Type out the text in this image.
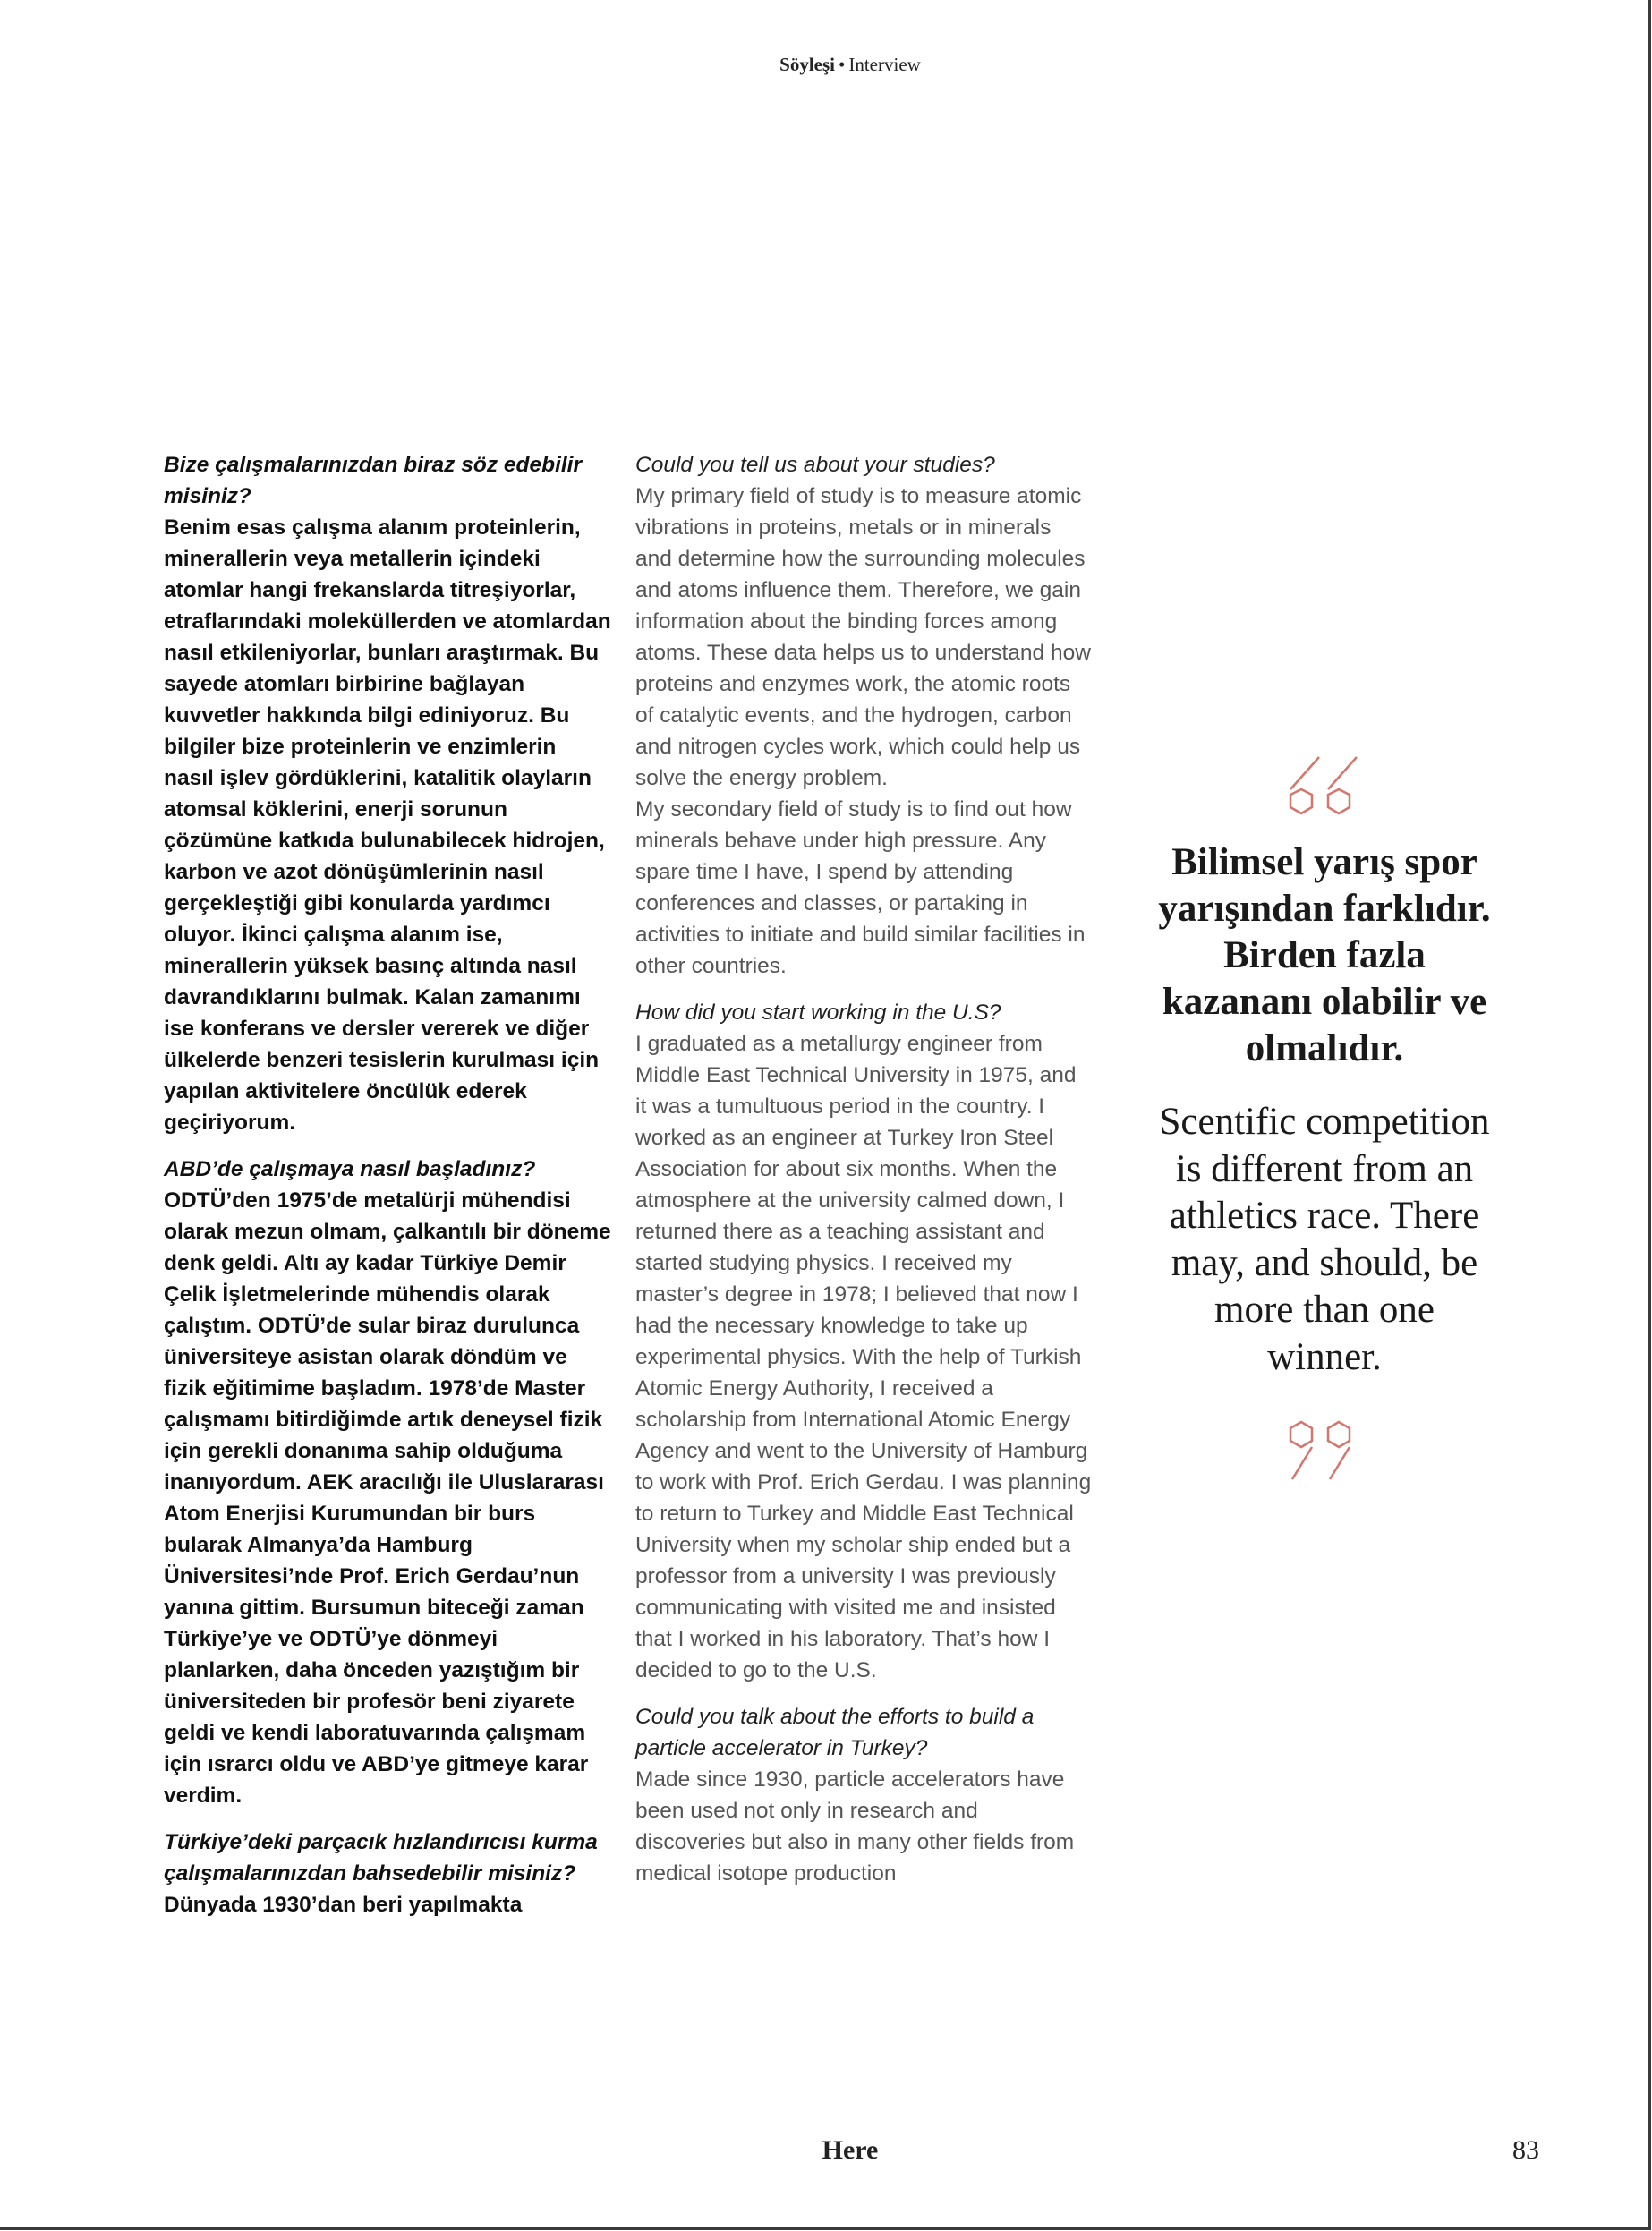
Söyleşi • Interview

Bize çalışmalarınızdan biraz söz edebilir misiniz?
Benim esas çalışma alanım proteinlerin, minerallerin veya metallerin içindeki atomlar hangi frekanslarda titreşiyorlar, etraflarındaki moleküllerden ve atomlardan nasıl etkileniyorlar, bunları araştırmak. Bu sayede atomları birbirine bağlayan kuvvetler hakkında bilgi ediniyoruz. Bu bilgiler bize proteinlerin ve enzimlerin nasıl işlev gördüklerini, katalitik olayların atomsal köklerini, enerji sorunun çözümüne katkıda bulunabilecek hidrojen, karbon ve azot dönüşümlerinin nasıl gerçekleştiği gibi konularda yardımcı oluyor. İkinci çalışma alanım ise, minerallerin yüksek basınç altında nasıl davrandıklarını bulmak. Kalan zamanımı ise konferans ve dersler vererek ve diğer ülkelerde benzeri tesislerin kurulması için yapılan aktivitelere öncülük ederek geçiriyorum.

ABD’de çalışmaya nasıl başladınız?
ODTÜ’den 1975’de metalürji mühendisi olarak mezun olmam, çalkantılı bir döneme denk geldi. Altı ay kadar Türkiye Demir Çelik İşletmelerinde mühendis olarak çalıştım. ODTÜ’de sular biraz durulunca üniversiteye asistan olarak döndüm ve fizik eğitimime başladım. 1978’de Master çalışmamı bitirdiğimde artık deneysel fizik için gerekli donanıma sahip olduğuma inanıyordum. AEK aracılığı ile Uluslararası Atom Enerjisi Kurumundan bir burs bularak Almanya’da Hamburg Üniversitesi’nde Prof. Erich Gerdau’nun yanına gittim. Bursumun biteceği zaman Türkiye’ye ve ODTÜ’ye dönmeyi planlarken, daha önceden yazıştığım bir üniversiteden bir profesör beni ziyarete geldi ve kendi laboratuvarında çalışmam için ısrarcı oldu ve ABD’ye gitmeye karar verdim.

Türkiye’deki parçacık hızlandırıcısı kurma çalışmalarınızdan bahsedebilir misiniz?
Dünyada 1930’dan beri yapılmakta

Could you tell us about your studies?
My primary field of study is to measure atomic vibrations in proteins, metals or in minerals and determine how the surrounding molecules and atoms influence them. Therefore, we gain information about the binding forces among atoms. These data helps us to understand how proteins and enzymes work, the atomic roots of catalytic events, and the hydrogen, carbon and nitrogen cycles work, which could help us solve the energy problem.
My secondary field of study is to find out how minerals behave under high pressure. Any spare time I have, I spend by attending conferences and classes, or partaking in activities to initiate and build similar facilities in other countries.

How did you start working in the U.S?
I graduated as a metallurgy engineer from Middle East Technical University in 1975, and it was a tumultuous period in the country. I worked as an engineer at Turkey Iron Steel Association for about six months. When the atmosphere at the university calmed down, I returned there as a teaching assistant and started studying physics. I received my master’s degree in 1978; I believed that now I had the necessary knowledge to take up experimental physics. With the help of Turkish Atomic Energy Authority, I received a scholarship from International Atomic Energy Agency and went to the University of Hamburg to work with Prof. Erich Gerdau. I was planning to return to Turkey and Middle East Technical University when my scholar ship ended but a professor from a university I was previously communicating with visited me and insisted that I worked in his laboratory. That’s how I decided to go to the U.S.

Could you talk about the efforts to build a particle accelerator in Turkey?
Made since 1930, particle accelerators have been used not only in research and discoveries but also in many other fields from medical isotope production

Bilimsel yarış spor yarışından farklıdır. Birden fazla kazananı olabilir ve olmalıdır.
Scentific competition is different from an athletics race. There may, and should, be more than one winner.
Here	83
